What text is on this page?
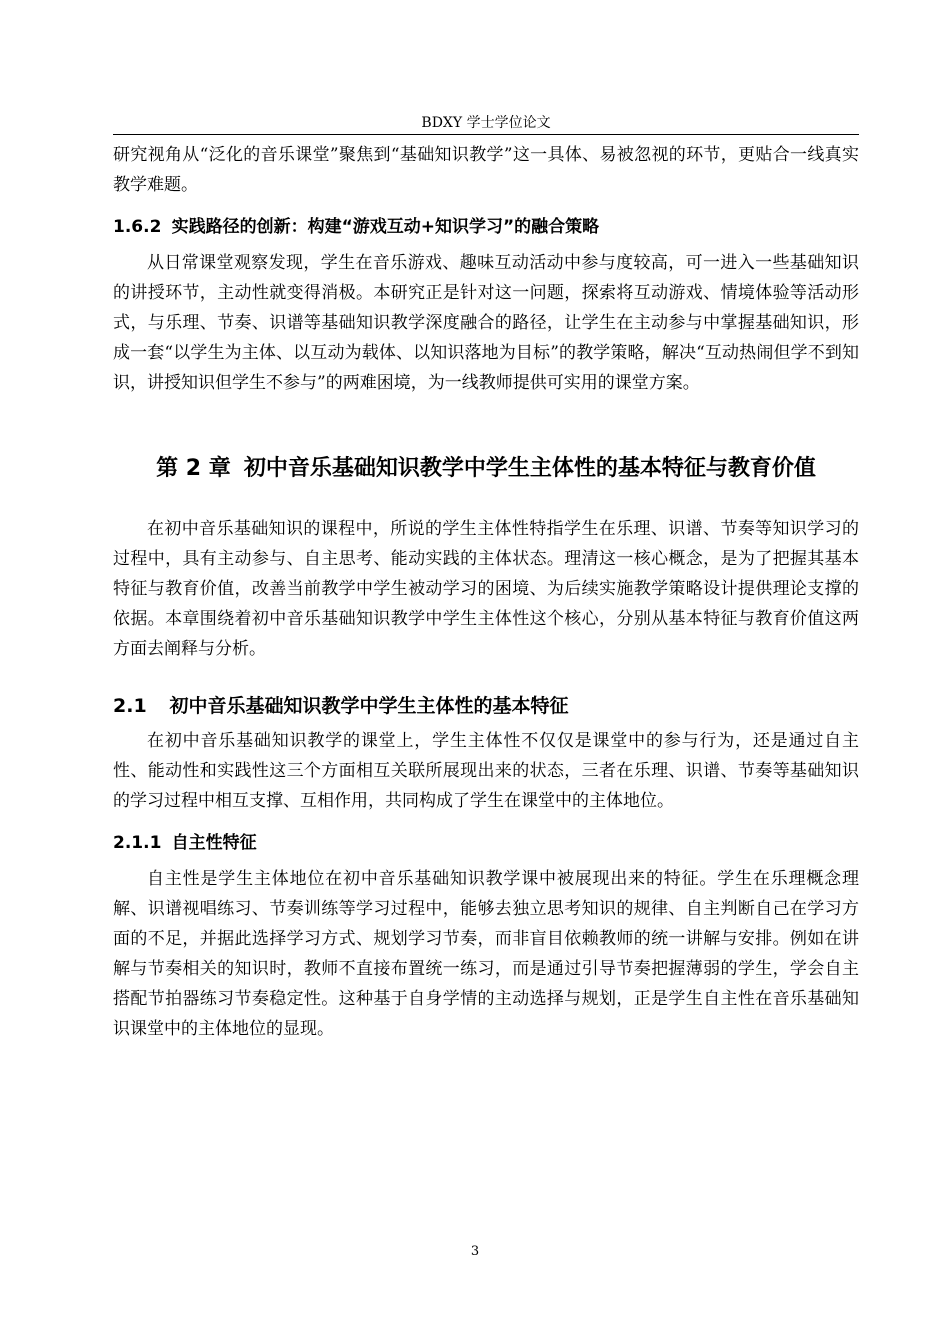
BDXY 学士学位论文

研究视角从“泛化的音乐课堂”聚焦到“基础知识教学”这一具体、易被忽视的环节，更贴合一线真实教学难题。

1.6.2 实践路径的创新：构建“游戏互动+知识学习”的融合策略

从日常课堂观察发现，学生在音乐游戏、趣味互动活动中参与度较高，可一进入一些基础知识的讲授环节，主动性就变得消极。本研究正是针对这一问题，探索将互动游戏、情境体验等活动形式，与乐理、节奏、识谱等基础知识教学深度融合的路径，让学生在主动参与中掌握基础知识，形成一套“以学生为主体、以互动为载体、以知识落地为目标”的教学策略，解决“互动热闹但学不到知识，讲授知识但学生不参与”的两难困境，为一线教师提供可实用的课堂方案。

第 2 章 初中音乐基础知识教学中学生主体性的基本特征与教育价值

在初中音乐基础知识的课程中，所说的学生主体性特指学生在乐理、识谱、节奏等知识学习的过程中，具有主动参与、自主思考、能动实践的主体状态。理清这一核心概念，是为了把握其基本特征与教育价值，改善当前教学中学生被动学习的困境、为后续实施教学策略设计提供理论支撑的依据。本章围绕着初中音乐基础知识教学中学生主体性这个核心，分别从基本特征与教育价值这两方面去阐释与分析。

2.1 初中音乐基础知识教学中学生主体性的基本特征

在初中音乐基础知识教学的课堂上，学生主体性不仅仅是课堂中的参与行为，还是通过自主性、能动性和实践性这三个方面相互关联所展现出来的状态，三者在乐理、识谱、节奏等基础知识的学习过程中相互支撑、互相作用，共同构成了学生在课堂中的主体地位。

2.1.1 自主性特征

自主性是学生主体地位在初中音乐基础知识教学课中被展现出来的特征。学生在乐理概念理解、识谱视唱练习、节奏训练等学习过程中，能够去独立思考知识的规律、自主判断自己在学习方面的不足，并据此选择学习方式、规划学习节奏，而非盲目依赖教师的统一讲解与安排。例如在讲解与节奏相关的知识时，教师不直接布置统一练习，而是通过引导节奏把握薄弱的学生，学会自主搭配节拍器练习节奏稳定性。这种基于自身学情的主动选择与规划，正是学生自主性在音乐基础知识课堂中的主体地位的显现。

3
